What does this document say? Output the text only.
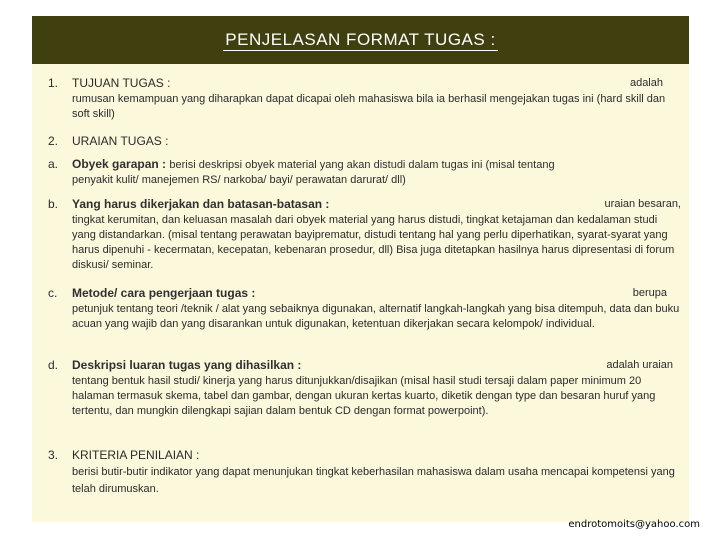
PENJELASAN FORMAT TUGAS :
1. TUJUAN TUGAS :	adalah
rumusan kemampuan yang diharapkan dapat dicapai oleh mahasiswa bila ia berhasil mengejakan tugas ini (hard skill dan soft skill)
2. URAIAN TUGAS :
a. Obyek garapan : berisi deskripsi obyek material yang akan distudi dalam tugas ini (misal tentang
penyakit kulit/ manejemen RS/ narkoba/ bayi/ perawatan darurat/ dll)
b. Yang harus dikerjakan dan batasan-batasan :	uraian besaran,
tingkat kerumitan, dan keluasan masalah dari obyek material yang harus distudi, tingkat ketajaman dan kedalaman studi yang distandarkan. (misal tentang perawatan bayiprematur, distudi tentang hal yang perlu diperhatikan, syarat-syarat yang harus dipenuhi - kecermatan, kecepatan, kebenaran prosedur, dll) Bisa juga ditetapkan hasilnya harus dipresentasi di forum diskusi/ seminar.
c. Metode/ cara pengerjaan tugas :	berupa
petunjuk tentang teori /teknik / alat yang sebaiknya digunakan, alternatif langkah-langkah yang bisa ditempuh, data dan buku acuan yang wajib dan yang disarankan untuk digunakan, ketentuan dikerjakan secara kelompok/ individual.
d. Deskripsi luaran tugas yang dihasilkan :	adalah uraian
tentang bentuk hasil studi/ kinerja yang harus ditunjukkan/disajikan (misal hasil studi tersaji dalam paper minimum 20 halaman termasuk skema, tabel dan gambar, dengan ukuran kertas kuarto, diketik dengan type dan besaran huruf yang tertentu, dan mungkin dilengkapi sajian dalam bentuk CD dengan format powerpoint).
3. KRITERIA PENILAIAN :
berisi butir-butir indikator yang dapat menunjukan tingkat keberhasilan mahasiswa dalam usaha mencapai kompetensi yang telah dirumuskan.
endrotomoits@yahoo.com
